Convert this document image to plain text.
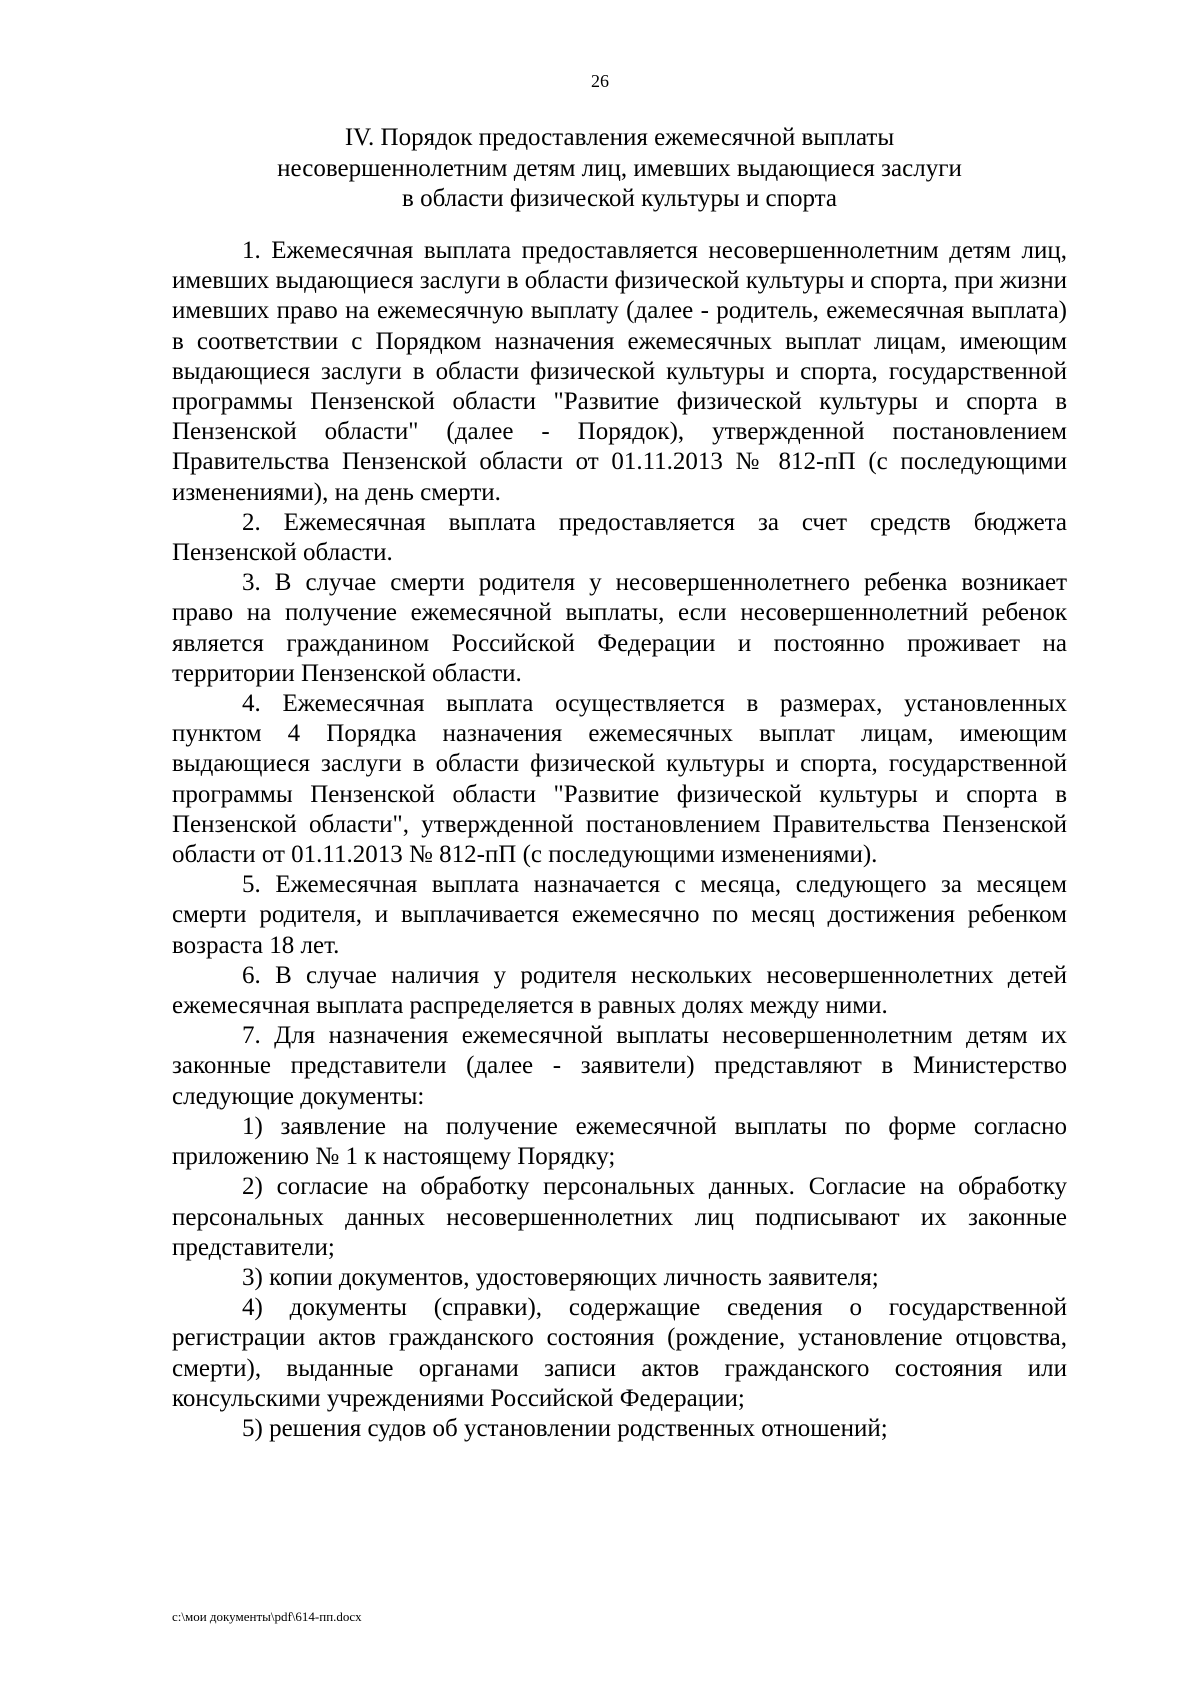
26
IV. Порядок предоставления ежемесячной выплаты
несовершеннолетним детям лиц, имевших выдающиеся заслуги
в области физической культуры и спорта

1. Ежемесячная выплата предоставляется несовершеннолетним детям лиц, имевших выдающиеся заслуги в области физической культуры и спорта, при жизни имевших право на ежемесячную выплату (далее - родитель, ежемесячная выплата) в соответствии с Порядком назначения ежемесячных выплат лицам, имеющим выдающиеся заслуги в области физической культуры и спорта, государственной программы Пензенской области "Развитие физической культуры и спорта в Пензенской области" (далее - Порядок), утвержденной постановлением Правительства Пензенской области от 01.11.2013 № 812-пП (с последующими изменениями), на день смерти.

2. Ежемесячная выплата предоставляется за счет средств бюджета Пензенской области.

3. В случае смерти родителя у несовершеннолетнего ребенка возникает право на получение ежемесячной выплаты, если несовершеннолетний ребенок является гражданином Российской Федерации и постоянно проживает на территории Пензенской области.

4. Ежемесячная выплата осуществляется в размерах, установленных пунктом 4 Порядка назначения ежемесячных выплат лицам, имеющим выдающиеся заслуги в области физической культуры и спорта, государственной программы Пензенской области "Развитие физической культуры и спорта в Пензенской области", утвержденной постановлением Правительства Пензенской области от 01.11.2013 № 812-пП (с последующими изменениями).

5. Ежемесячная выплата назначается с месяца, следующего за месяцем смерти родителя, и выплачивается ежемесячно по месяц достижения ребенком возраста 18 лет.

6. В случае наличия у родителя нескольких несовершеннолетних детей ежемесячная выплата распределяется в равных долях между ними.

7. Для назначения ежемесячной выплаты несовершеннолетним детям их законные представители (далее - заявители) представляют в Министерство следующие документы:

1) заявление на получение ежемесячной выплаты по форме согласно приложению № 1 к настоящему Порядку;

2) согласие на обработку персональных данных. Согласие на обработку персональных данных несовершеннолетних лиц подписывают их законные представители;

3) копии документов, удостоверяющих личность заявителя;

4) документы (справки), содержащие сведения о государственной регистрации актов гражданского состояния (рождение, установление отцовства, смерти), выданные органами записи актов гражданского состояния или консульскими учреждениями Российской Федерации;

5) решения судов об установлении родственных отношений;

c:\мои документы\pdf\614-пп.docx
